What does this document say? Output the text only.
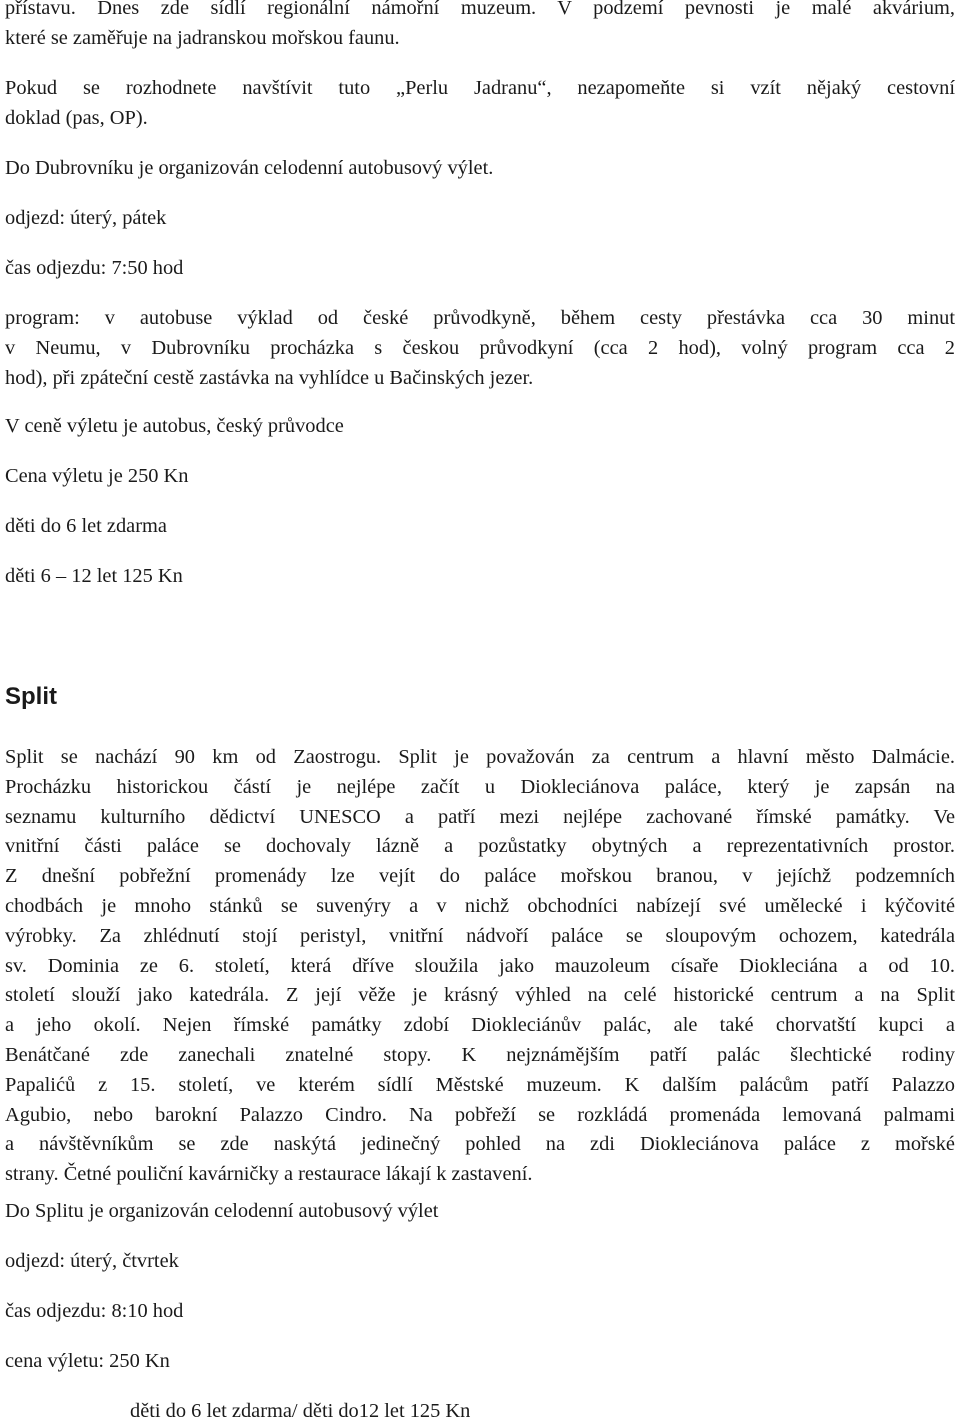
přístavu. Dnes zde sídlí regionální námořní muzeum. V podzemí pevnosti je malé akvárium,
které se zaměřuje na jadranskou mořskou faunu.
Pokud se rozhodnete navštívit tuto „Perlu Jadranu“, nezapomeňte si vzít nějaký cestovní
doklad (pas, OP).

Do Dubrovníku je organizován celodenní autobusový výlet.

odjezd: úterý, pátek

čas odjezdu: 7:50 hod

program: v autobuse výklad od české průvodkyně, během cesty přestávka cca 30 minut
v Neumu, v Dubrovníku procházka s českou průvodkyní (cca 2 hod), volný program cca 2
hod), při zpáteční cestě zastávka na vyhlídce u Bačinských jezer.

V ceně výletu je autobus, český průvodce

Cena výletu je 250 Kn

děti do 6 let zdarma

děti 6 – 12 let 125 Kn

Split
Split se nachází 90 km od Zaostrogu. Split je považován za centrum a hlavní město Dalmácie.
Procházku historickou částí je nejlépe začít u Diokleciánova paláce, který je zapsán na
seznamu kulturního dědictví UNESCO a patří mezi nejlépe zachované římské památky. Ve
vnitřní části paláce se dochovaly lázně a pozůstatky obytných a reprezentativních prostor.
Z dnešní pobřežní promenády lze vejít do paláce mořskou branou, v jejíchž podzemních
chodbách je mnoho stánků se suvenýry a v nichž obchodníci nabízejí své umělecké i kýčovité
výrobky. Za zhlédnutí stojí peristyl, vnitřní nádvoří paláce se sloupovým ochozem, katedrála
sv. Dominia ze 6. století, která dříve sloužila jako mauzoleum císaře Diokleciána a od 10.
století slouží jako katedrála. Z její věže je krásný výhled na celé historické centrum a na Split
a jeho okolí. Nejen římské památky zdobí Diokleciánův palác, ale také chorvatští kupci a
Benátčané zde zanechali znatelné stopy. K nejznámějším patří palác šlechtické rodiny
Papalićů z 15. století, ve kterém sídlí Městské muzeum. K dalším palácům patří Palazzo
Agubio, nebo barokní Palazzo Cindro. Na pobřeží se rozkládá promenáda lemovaná palmami
a návštěvníkům se zde naskýtá jedinečný pohled na zdi Diokleciánova paláce z mořské
strany. Četné pouliční kavárničky a restaurace lákají k zastavení.

Do Splitu je organizován celodenní autobusový výlet

odjezd: úterý, čtvrtek

čas odjezdu: 8:10 hod

cena výletu: 250 Kn

děti do 6 let zdarma/ děti do12 let 125 Kn
